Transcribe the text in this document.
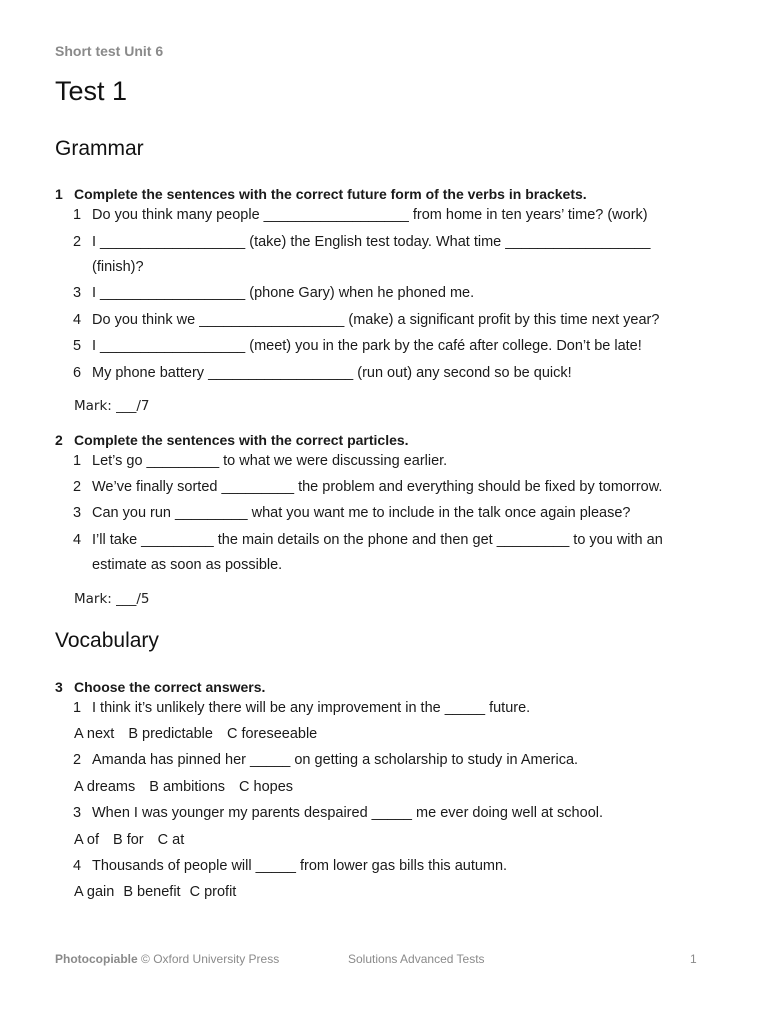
Short test Unit 6
Test 1
Grammar
1 Complete the sentences with the correct future form of the verbs in brackets.
1 Do you think many people __________________ from home in ten years’ time? (work)
2 I __________________ (take) the English test today. What time __________________
(finish)?
3 I __________________ (phone Gary) when he phoned me.
4 Do you think we __________________ (make) a significant profit by this time next year?
5 I __________________ (meet) you in the park by the café after college. Don’t be late!
6 My phone battery __________________ (run out) any second so be quick!
Mark: ___/7
2 Complete the sentences with the correct particles.
1 Let’s go _________ to what we were discussing earlier.
2 We’ve finally sorted _________ the problem and everything should be fixed by tomorrow.
3 Can you run _________ what you want me to include in the talk once again please?
4 I’ll take _________ the main details on the phone and then get _________ to you with an
estimate as soon as possible.
Mark: ___/5
Vocabulary
3 Choose the correct answers.
1 I think it’s unlikely there will be any improvement in the _____ future.
A next B predictable C foreseeable
2 Amanda has pinned her _____ on getting a scholarship to study in America.
A dreams B ambitions C hopes
3 When I was younger my parents despaired _____ me ever doing well at school.
A of B for C at
4 Thousands of people will _____ from lower gas bills this autumn.
A gain B benefit C profit
Photocopiable © Oxford University Press	Solutions Advanced Tests	1
